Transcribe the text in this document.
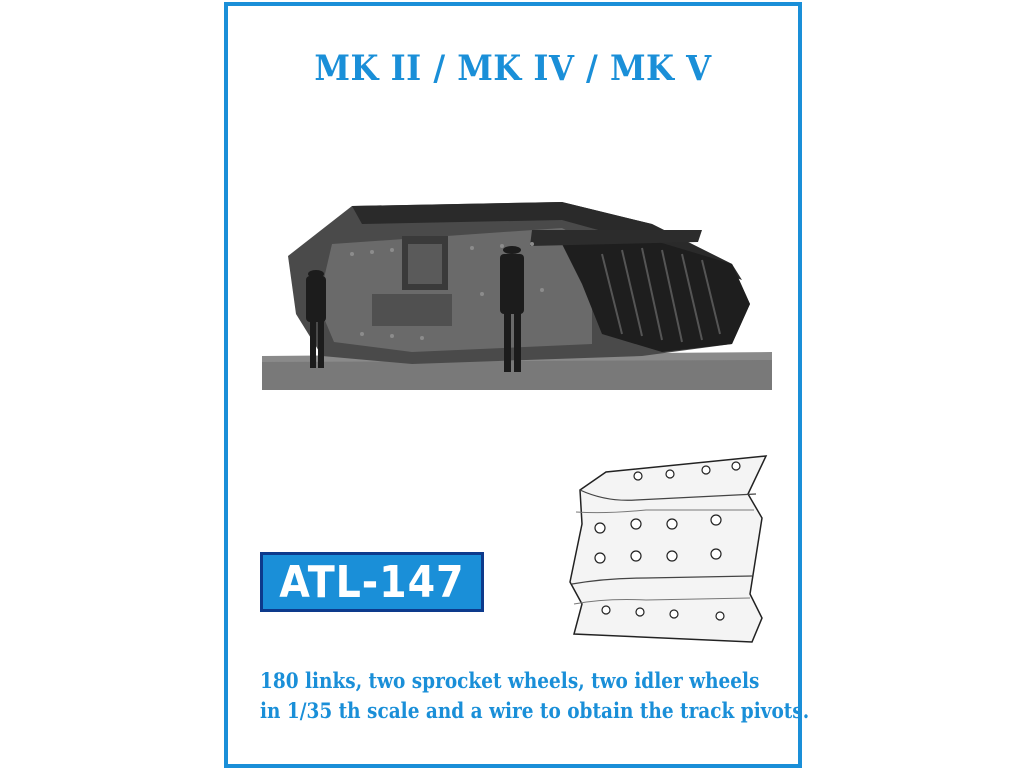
MK II / MK IV / MK V
ATL-147
180 links, two sprocket wheels, two idler wheels
in 1/35 th scale and a wire to obtain the track pivots.
